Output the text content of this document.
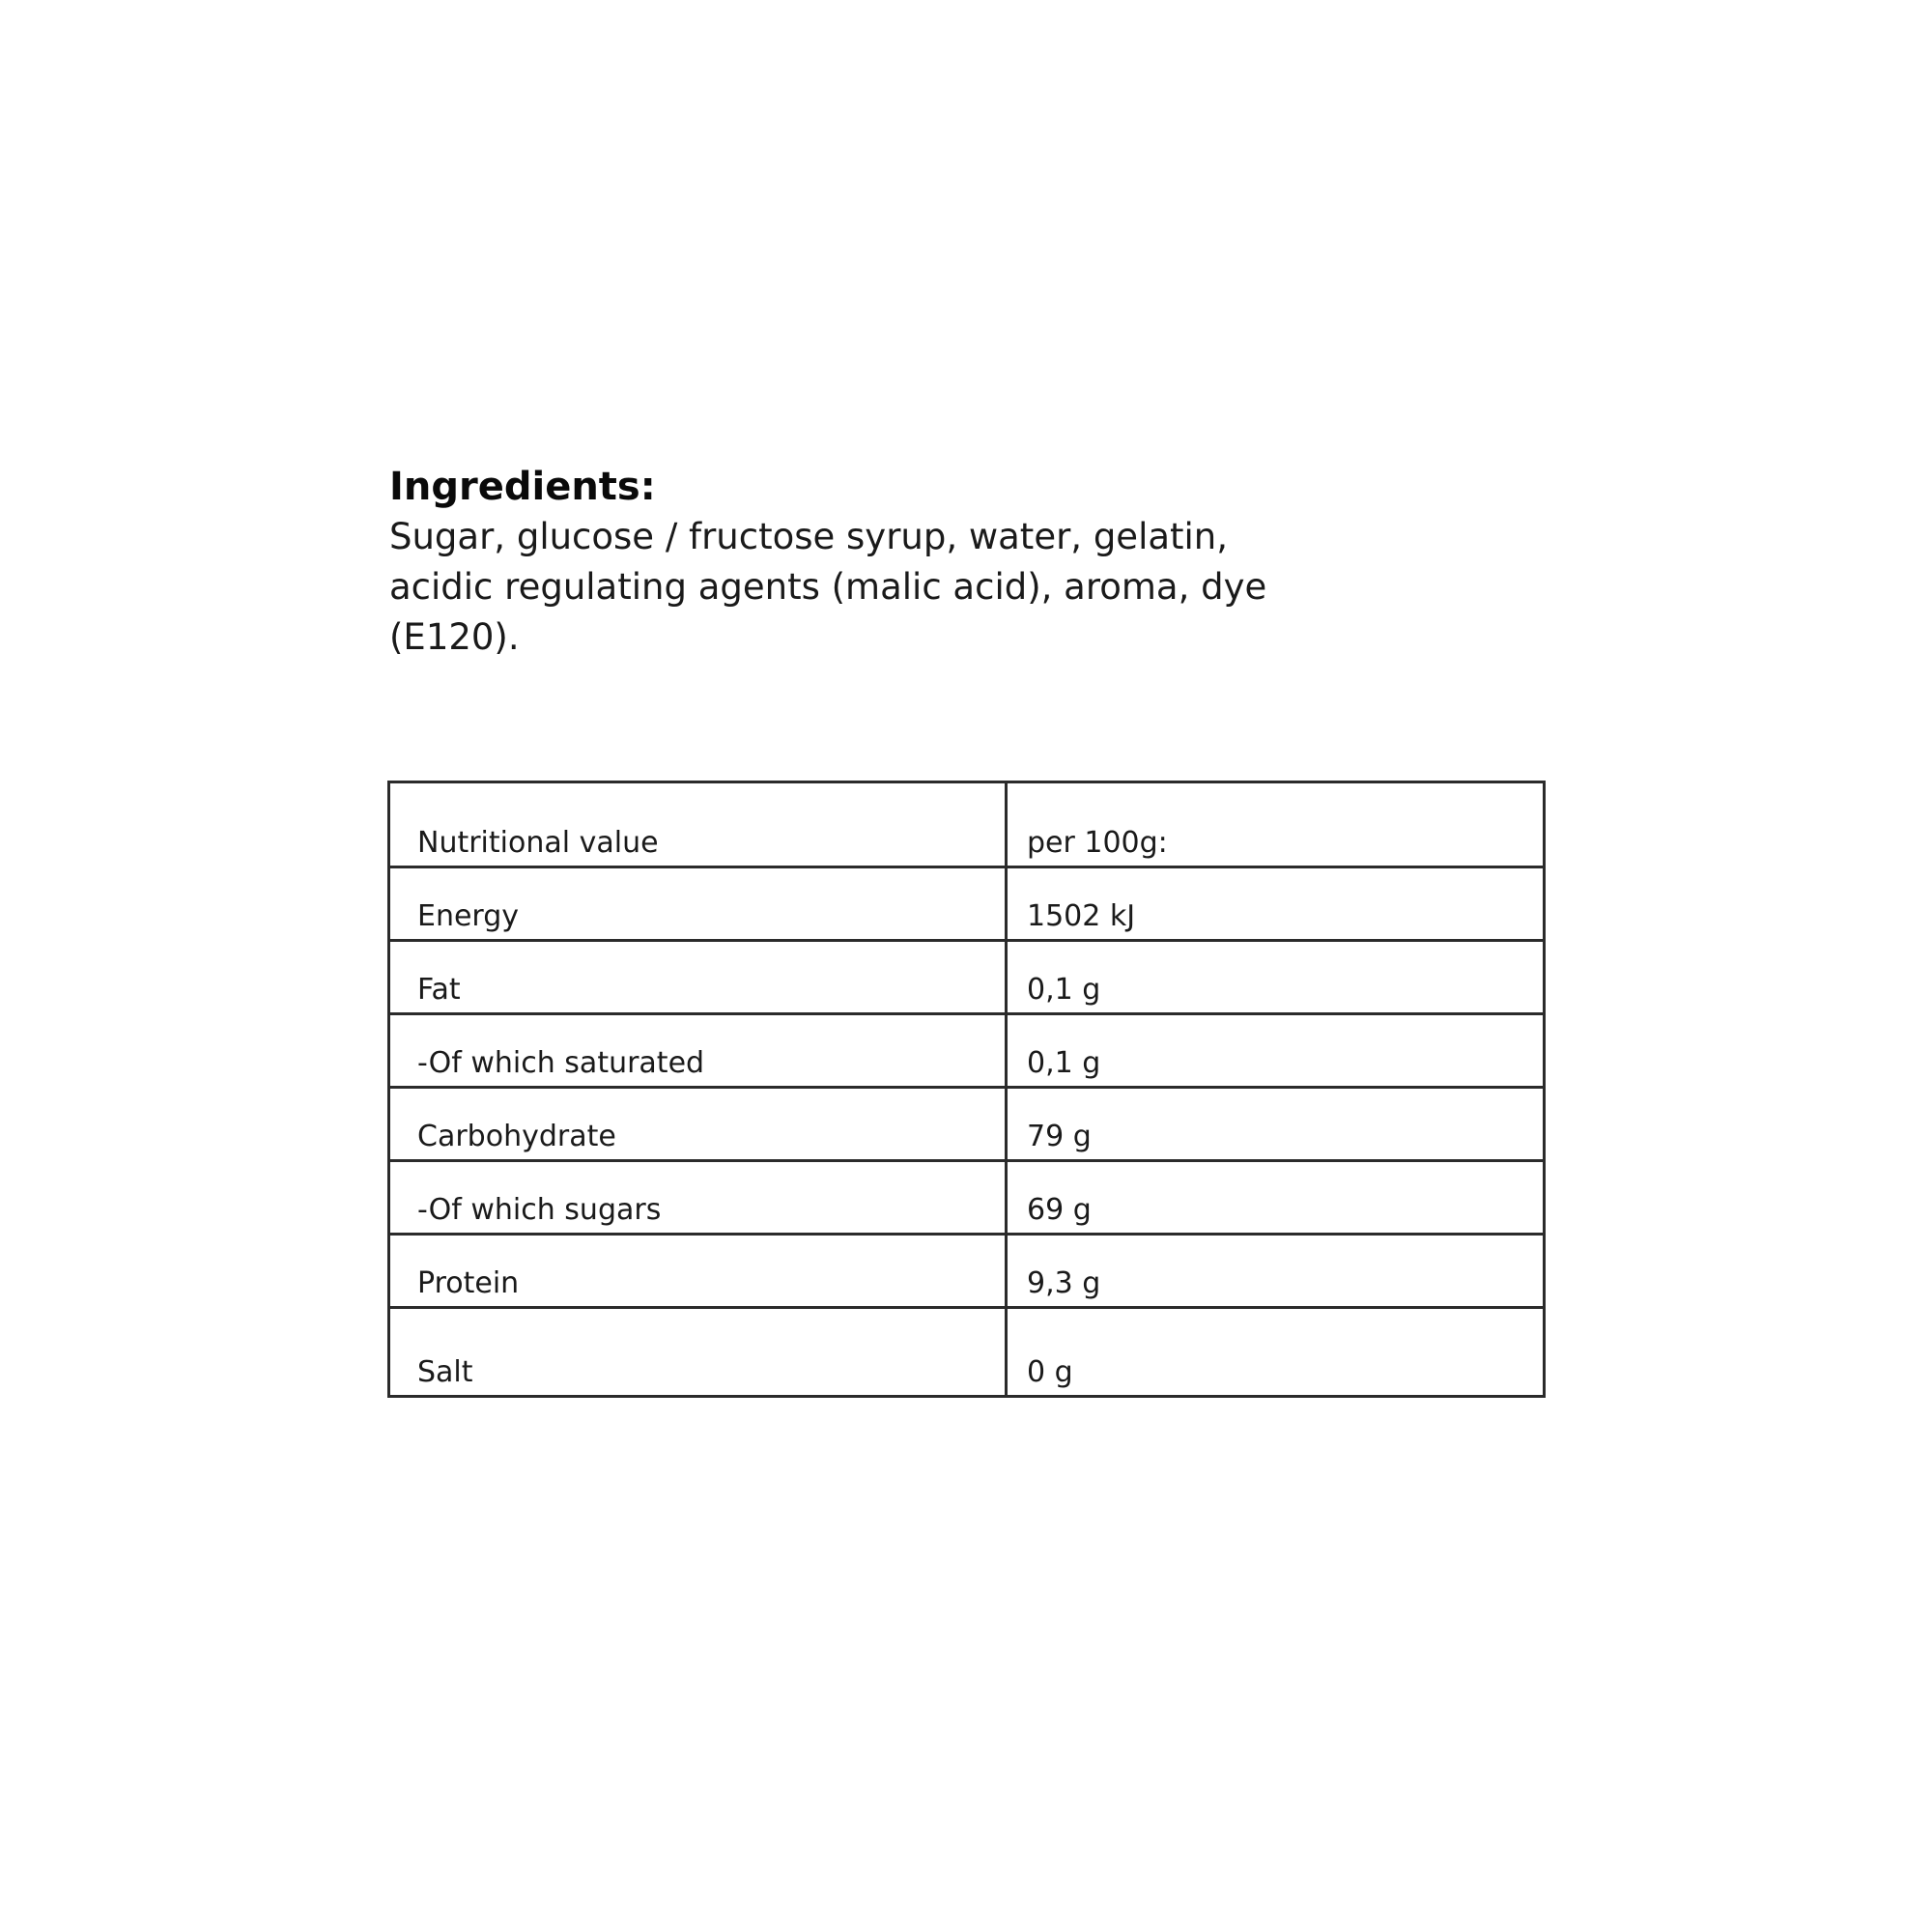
Ingredients:

Sugar, glucose / fructose syrup, water, gelatin, acidic regulating agents (malic acid), aroma, dye (E120).

Nutritional value	per 100g:
Energy	1502 kJ
Fat	0,1 g
-Of which saturated	0,1 g
Carbohydrate	79 g
-Of which sugars	69 g
Protein	9,3 g
Salt	0 g
